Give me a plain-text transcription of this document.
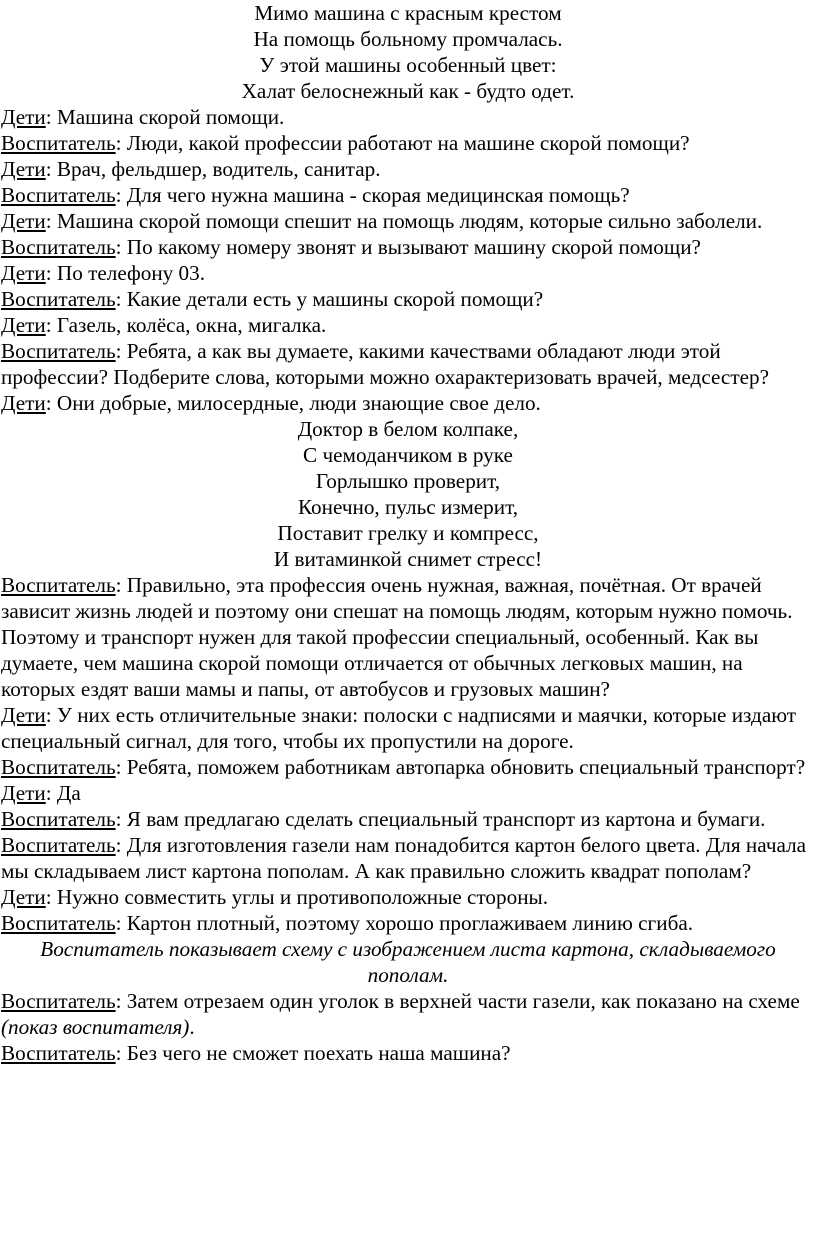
Мимо машина с красным крестом

На помощь больному промчалась.

У этой машины особенный цвет:

Халат белоснежный как - будто одет.

Дети: Машина скорой помощи.

Воспитатель: Люди, какой профессии работают на машине скорой помощи?

Дети: Врач, фельдшер, водитель, санитар.

Воспитатель: Для чего нужна машина - скорая медицинская помощь?

Дети: Машина скорой помощи спешит на помощь людям, которые сильно заболели.

Воспитатель: По какому номеру звонят и вызывают машину скорой помощи?

Дети: По телефону 03.

Воспитатель: Какие детали есть у машины скорой помощи?

Дети: Газель, колёса, окна, мигалка.

Воспитатель: Ребята, а как вы думаете, какими качествами обладают люди этой профессии? Подберите слова, которыми можно охарактеризовать врачей, медсестер?

Дети: Они добрые, милосердные, люди знающие свое дело.

Доктор в белом колпаке,

С чемоданчиком в руке

Горлышко проверит,

Конечно, пульс измерит,

Поставит грелку и компресс,

И витаминкой снимет стресс!

Воспитатель: Правильно, эта профессия очень нужная, важная, почётная. От врачей зависит жизнь людей и поэтому они спешат на помощь людям, которым нужно помочь. Поэтому и транспорт нужен для такой профессии специальный, особенный. Как вы думаете, чем машина скорой помощи отличается от обычных легковых машин, на которых ездят ваши мамы и папы, от автобусов и грузовых машин?

Дети: У них есть отличительные знаки: полоски с надписями и маячки, которые издают специальный сигнал, для того, чтобы их пропустили на дороге.

Воспитатель: Ребята, поможем работникам автопарка обновить специальный транспорт?

Дети: Да

Воспитатель: Я вам предлагаю сделать специальный транспорт из картона и бумаги.

Воспитатель: Для изготовления газели нам понадобится картон белого цвета. Для начала мы складываем лист картона пополам. А как правильно сложить квадрат пополам?

Дети: Нужно совместить углы и противоположные стороны.

Воспитатель: Картон плотный, поэтому хорошо проглаживаем линию сгиба.

Воспитатель показывает схему с изображением листа картона, складываемого пополам.

Воспитатель: Затем отрезаем один уголок в верхней части газели, как показано на схеме (показ воспитателя).

Воспитатель: Без чего не сможет поехать наша машина?
